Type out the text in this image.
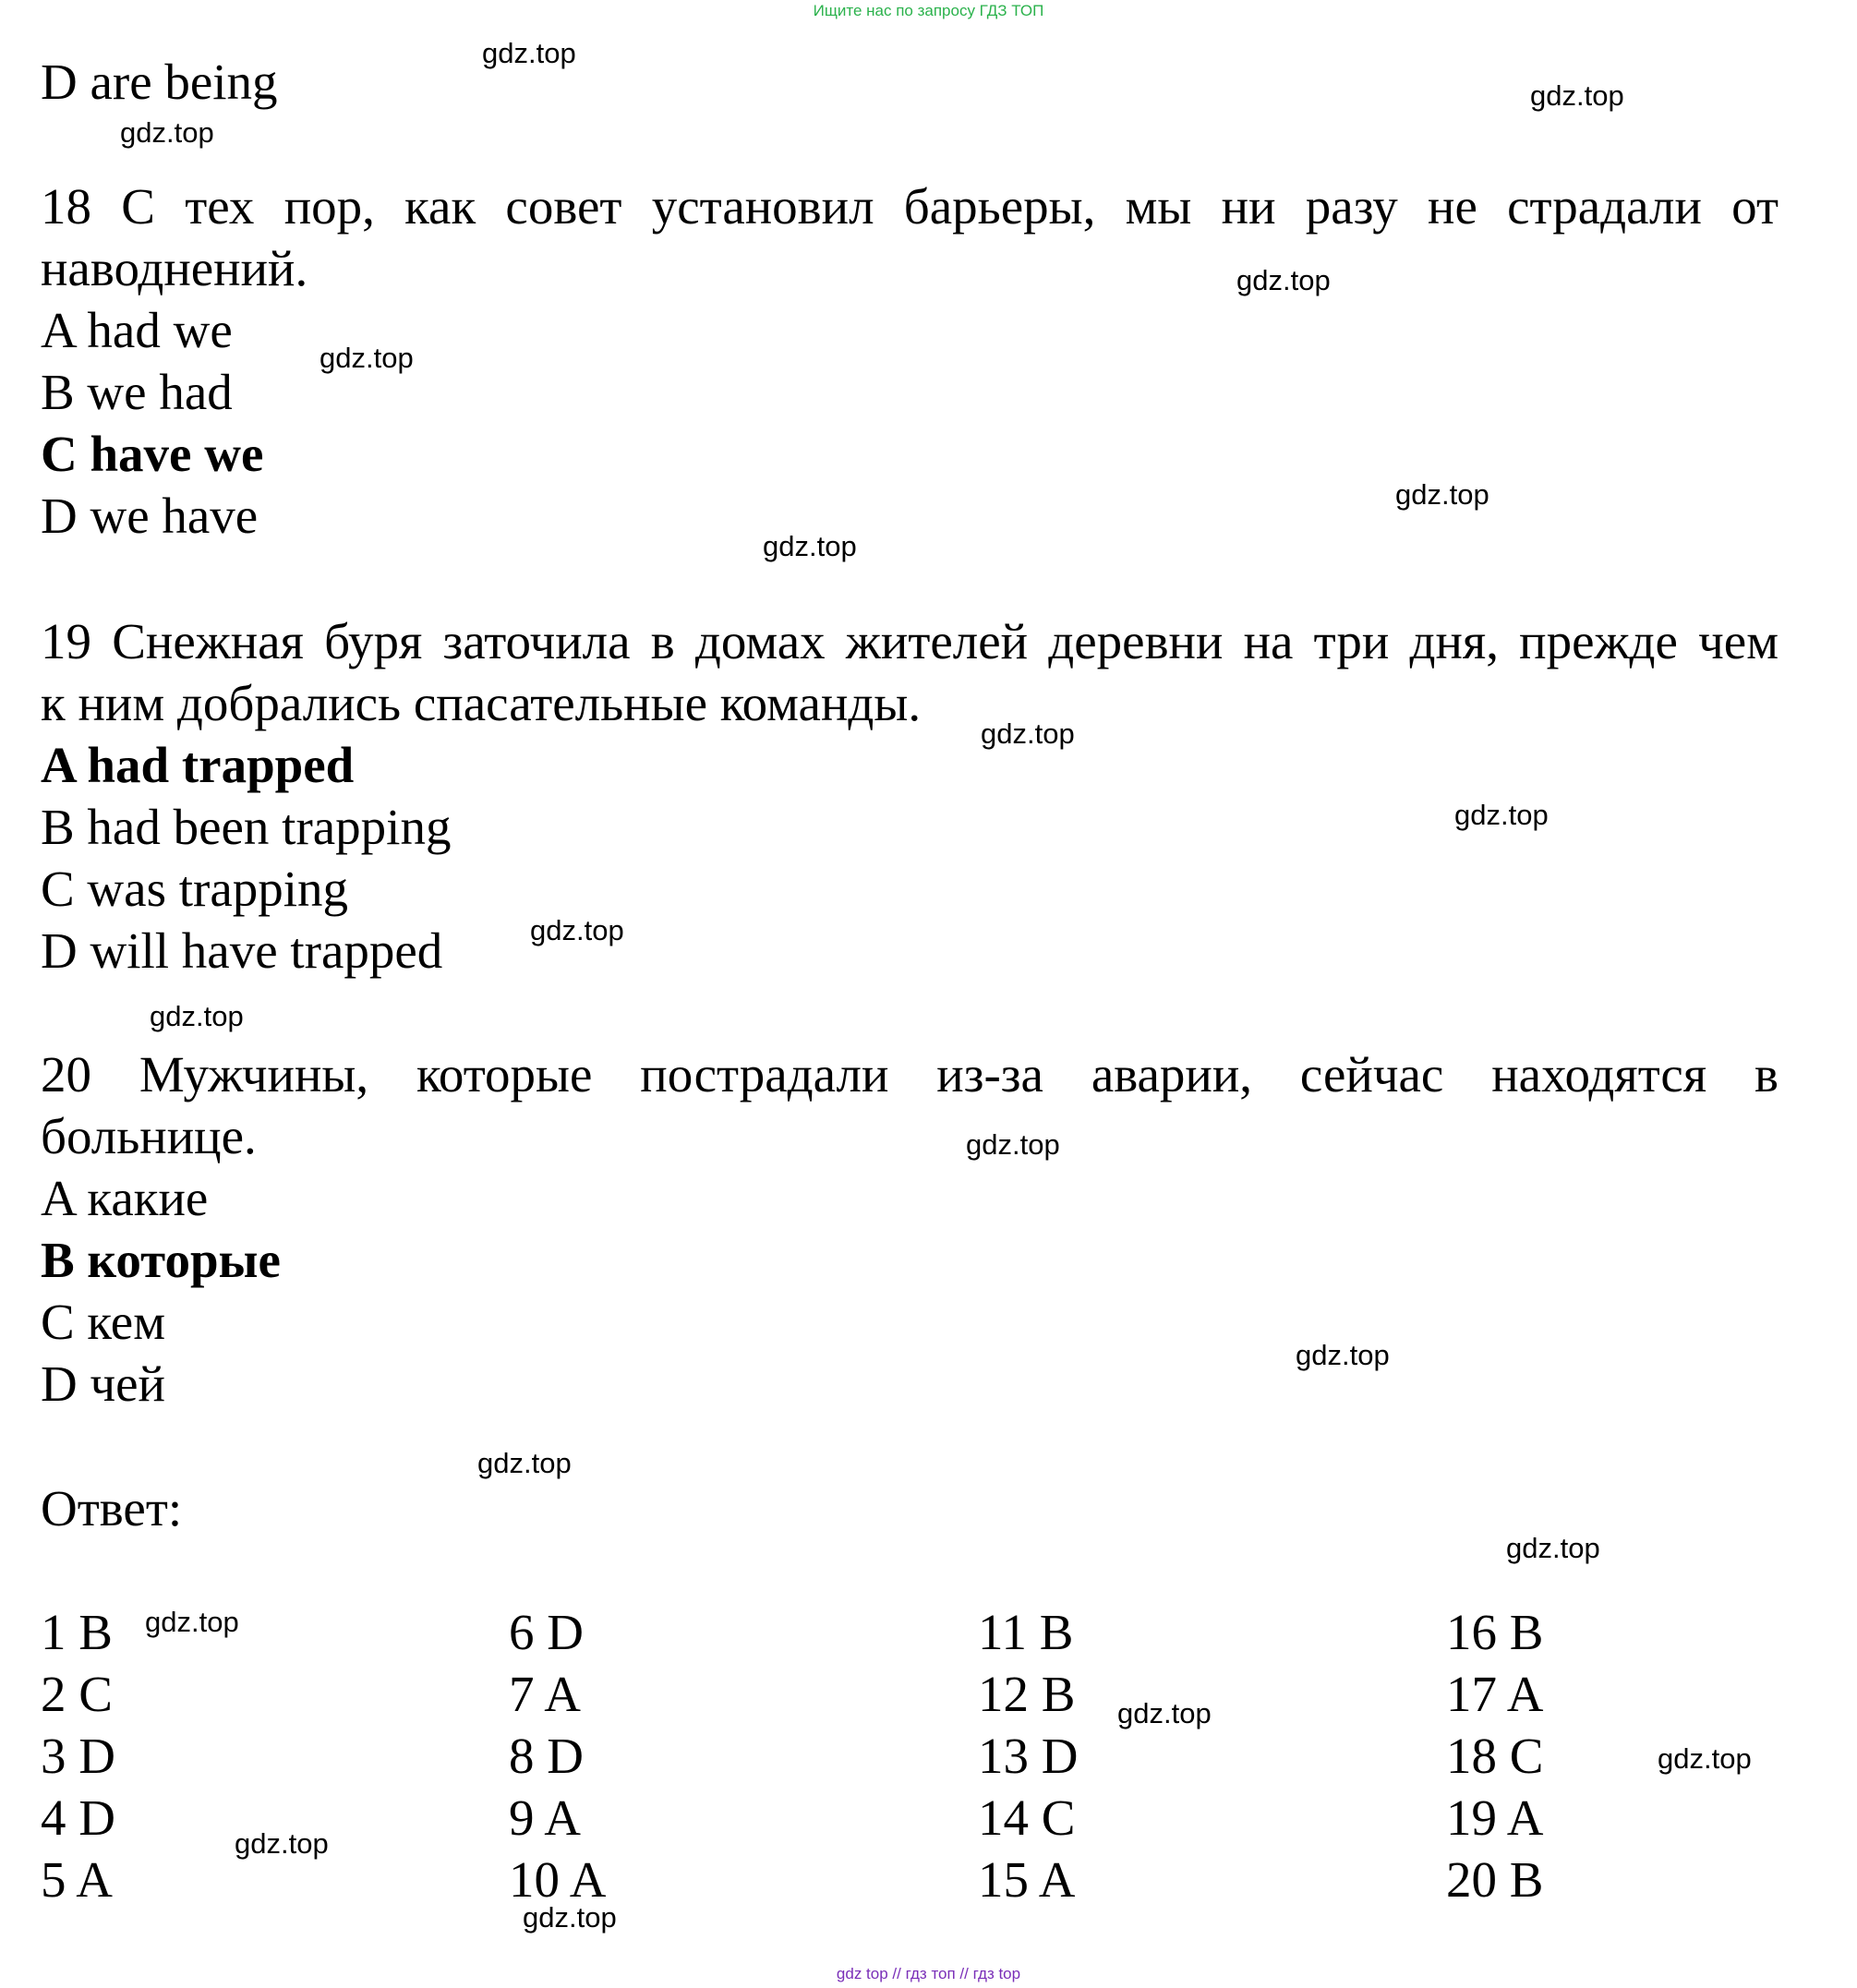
Ищите нас по запросу ГДЗ ТОП
D are being
18 С тех пор, как совет установил барьеры, мы ни разу не страдали от
наводнений.
A had we
B we had
C have we
D we have
19 Снежная буря заточила в домах жителей деревни на три дня, прежде чем
к ним добрались спасательные команды.
A had trapped
B had been trapping
C was trapping
D will have trapped
20 Мужчины, которые пострадали из-за аварии, сейчас находятся в
больнице.
A какие
B которые
C кем
D чей
Ответ:
1 B
2 C
3 D
4 D
5 A
6 D
7 A
8 D
9 A
10 A
11 B
12 B
13 D
14 C
15 A
16 B
17 A
18 C
19 A
20 B
gdz.top
gdz.top
gdz.top
gdz.top
gdz.top
gdz.top
gdz.top
gdz.top
gdz.top
gdz.top
gdz.top
gdz.top
gdz.top
gdz.top
gdz.top
gdz.top
gdz.top
gdz.top
gdz.top
gdz.top
gdz top // гдз топ // гдз top
